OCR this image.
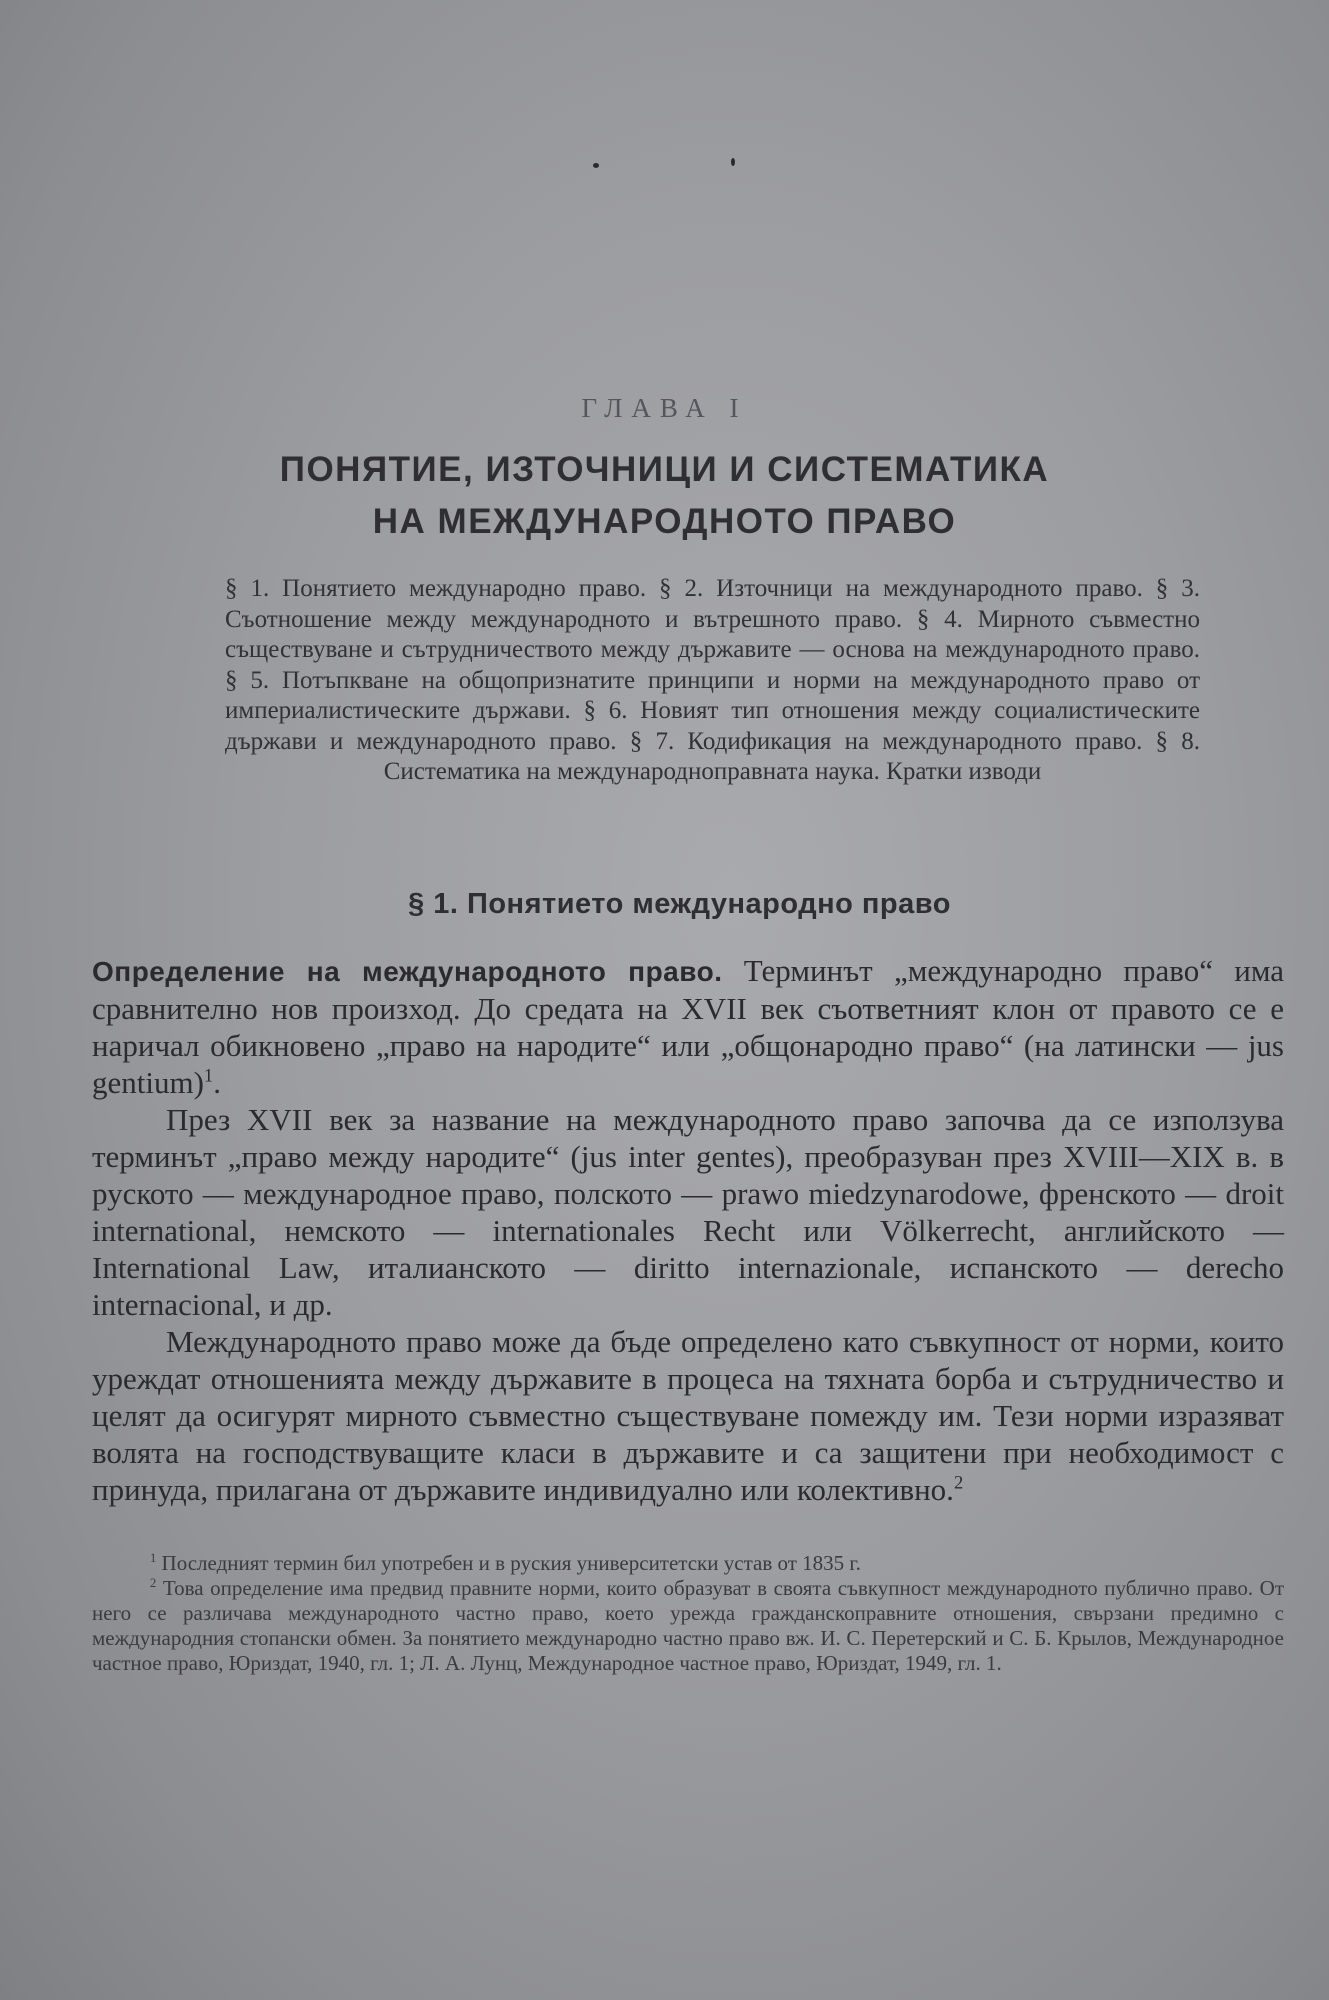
ГЛАВА I
ПОНЯТИЕ, ИЗТОЧНИЦИ И СИСТЕМАТИКА
НА МЕЖДУНАРОДНОТО ПРАВО
§ 1. Понятието международно право. § 2. Източници на международното право. § 3. Съотношение между международното и вътрешното право. § 4. Мирното съвместно съществуване и сътрудничеството между държавите — основа на международното право. § 5. Потъпкване на общопризнатите принципи и норми на международното право от империалистическите държави. § 6. Новият тип отношения между социалистическите държави и международното право. § 7. Кодификация на международното право. § 8. Систематика на международноправната наука. Кратки изводи
§ 1. Понятието международно право

Определение на международното право. Терминът „международно право“ има сравнително нов произход. До средата на XVII век съответният клон от правото се е наричал обикновено „право на народите“ или „общонародно право“ (на латински — jus gentium)$^1$.

През XVII век за название на международното право започва да се използува терминът „право между народите“ (jus inter gentes), преобразуван през XVIII—XIX в. в руското — международное право, полското — prawo miedzynarodowe, френското — droit international, немското — internationales Recht или Völkerrecht, английското — International Law, италианското — diritto internazionale, испанското — derecho internacional, и др.

Международното право може да бъде определено като съвкупност от норми, които уреждат отношенията между държавите в процеса на тяхната борба и сътрудничество и целят да осигурят мирното съвместно съществуване помежду им. Тези норми изразяват волята на господствуващите класи в държавите и са защитени при необходимост с принуда, прилагана от държавите индивидуално или колективно.$^2$

$^1$ Последният термин бил употребен и в руския университетски устав от 1835 г.

$^2$ Това определение има предвид правните норми, които образуват в своята съвкупност международното публично право. От него се различава международното частно право, което урежда гражданскоправните отношения, свързани предимно с международния стопански обмен. За понятието международно частно право вж. И. С. Перетерский и С. Б. Крылов, Международное частное право, Юриздат, 1940, гл. 1; Л. А. Лунц, Международное частное право, Юриздат, 1949, гл. 1.
